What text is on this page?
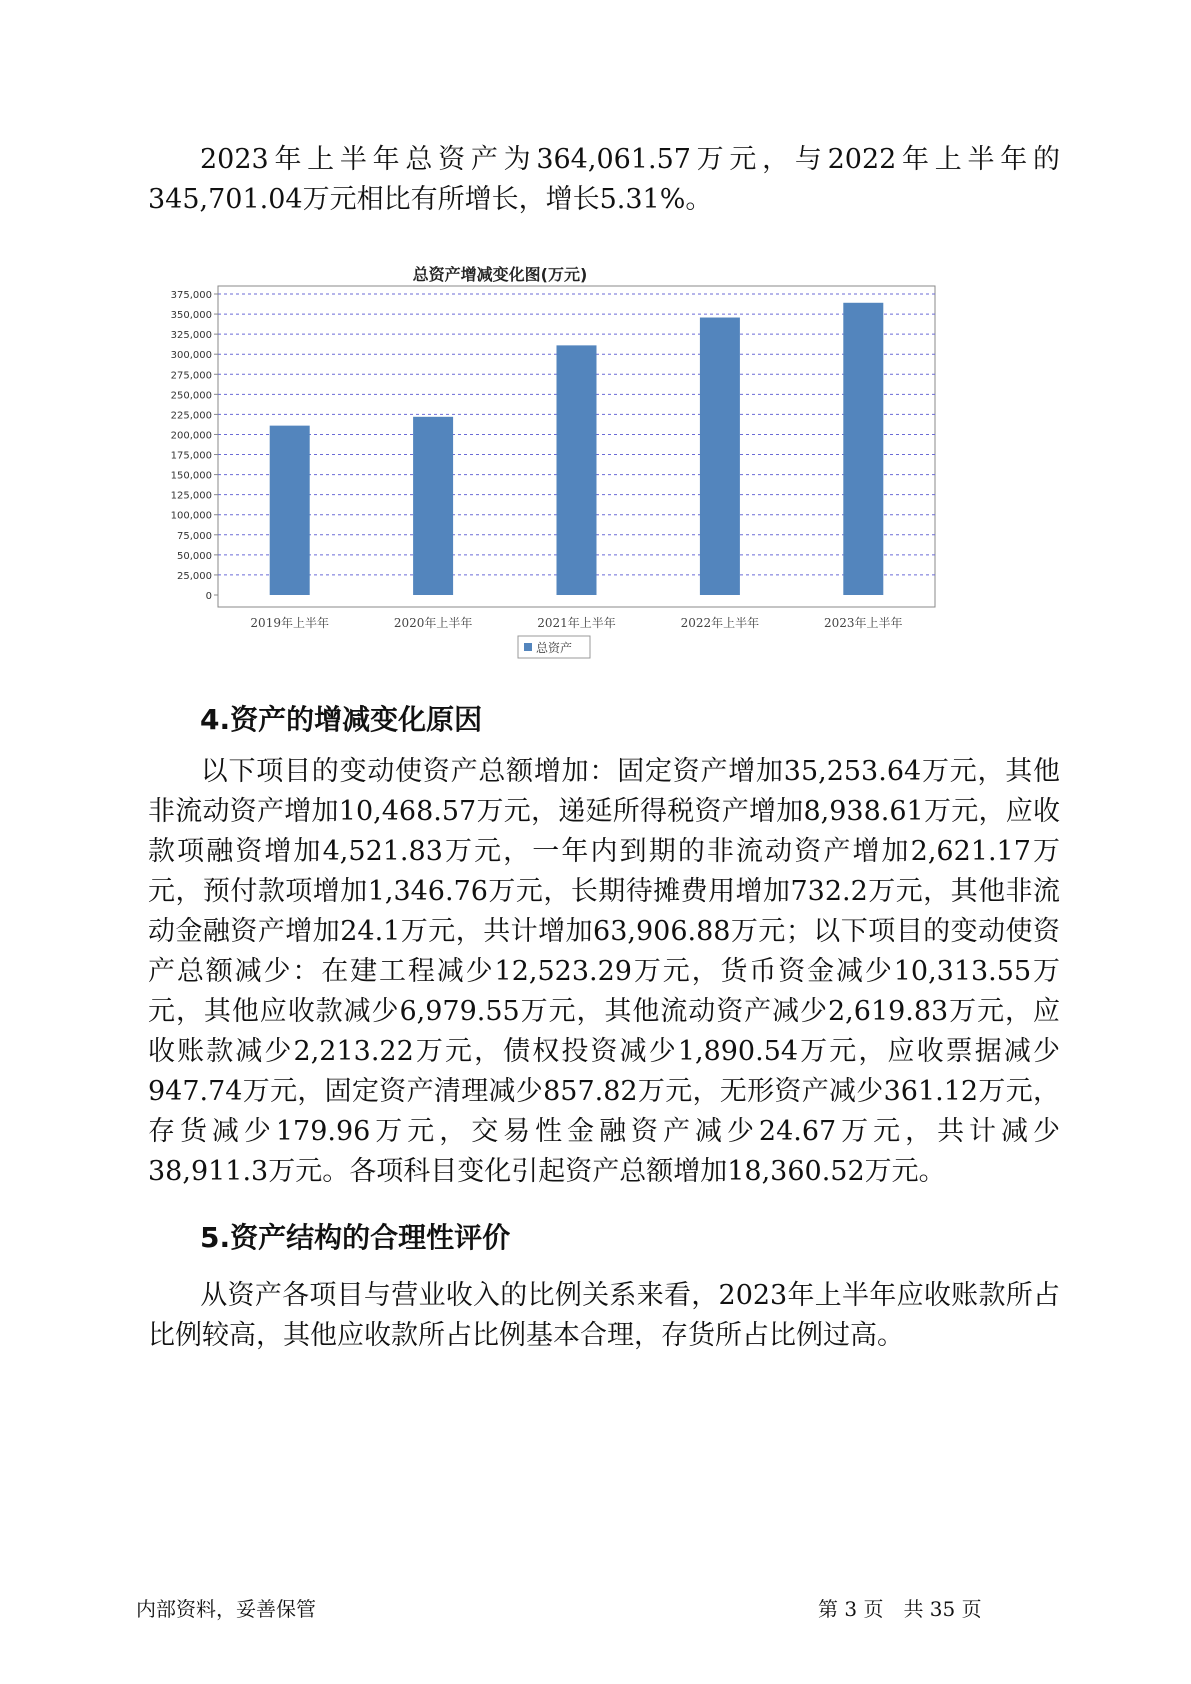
2023年上半年总资产为364,061.57万元，与2022年上半年的345,701.04万元相比有所增长，增长5.31%。

总资产增减变化图(万元)
0
25,000
50,000
75,000
100,000
125,000
150,000
175,000
200,000
225,000
250,000
275,000
300,000
325,000
350,000
375,000
2019年上半年	2020年上半年	2021年上半年	2022年上半年	2023年上半年
总资产
4.资产的增减变化原因

以下项目的变动使资产总额增加：固定资产增加35,253.64万元，其他非流动资产增加10,468.57万元，递延所得税资产增加8,938.61万元，应收款项融资增加4,521.83万元，一年内到期的非流动资产增加2,621.17万元，预付款项增加1,346.76万元，长期待摊费用增加732.2万元，其他非流动金融资产增加24.1万元，共计增加63,906.88万元；以下项目的变动使资产总额减少：在建工程减少12,523.29万元，货币资金减少10,313.55万元，其他应收款减少6,979.55万元，其他流动资产减少2,619.83万元，应收账款减少2,213.22万元，债权投资减少1,890.54万元，应收票据减少947.74万元，固定资产清理减少857.82万元，无形资产减少361.12万元，存货减少179.96万元，交易性金融资产减少24.67万元，共计减少38,911.3万元。各项科目变化引起资产总额增加18,360.52万元。

5.资产结构的合理性评价

从资产各项目与营业收入的比例关系来看，2023年上半年应收账款所占比例较高，其他应收款所占比例基本合理，存货所占比例过高。

内部资料，妥善保管	第 3 页　共 35 页
